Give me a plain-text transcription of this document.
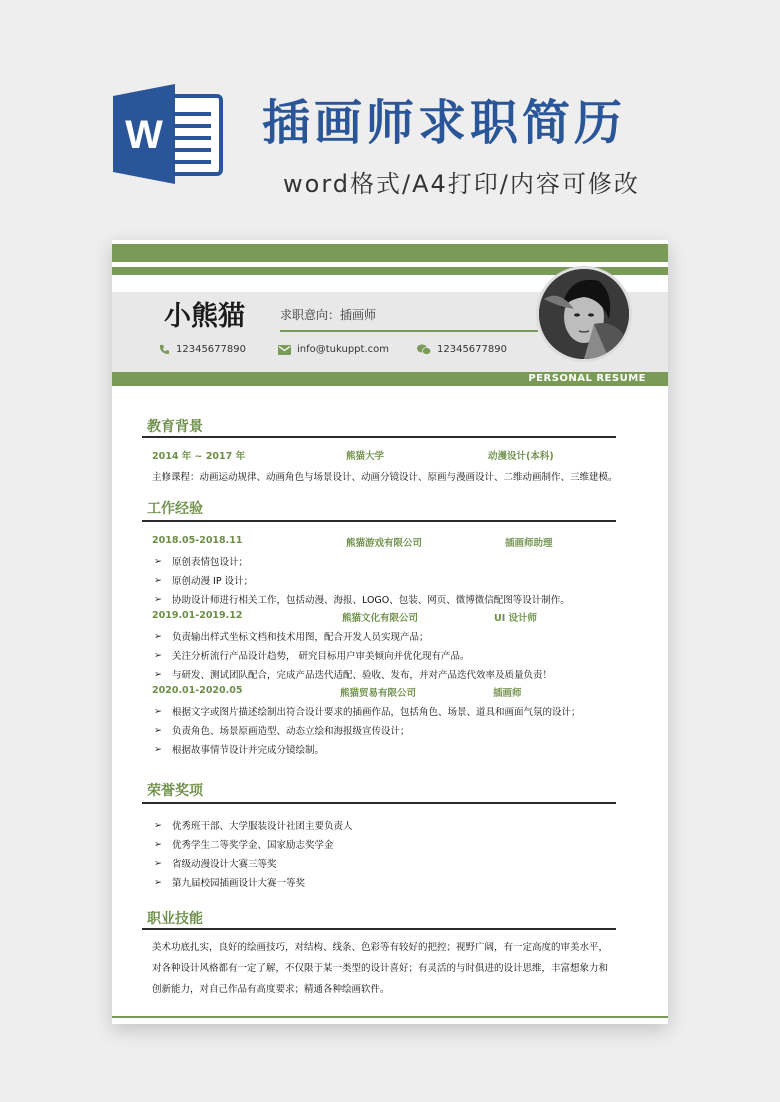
W 插画师求职简历
word格式/A4打印/内容可修改
小熊猫	求职意向：插画师
12345677890	info@tukuppt.com	12345677890
PERSONAL RESUME
教育背景
2014 年 ~ 2017 年	熊猫大学	动漫设计(本科)
主修课程：动画运动规律、动画角色与场景设计、动画分镜设计、原画与漫画设计、二维动画制作、三维建模。
工作经验
2018.05-2018.11	熊猫游戏有限公司	插画师助理
➢	原创表情包设计；
➢	原创动漫 IP 设计；
➢	协助设计师进行相关工作，包括动漫、海报、LOGO、包装、网页、微博微信配图等设计制作。
2019.01-2019.12	熊猫文化有限公司	UI 设计师
➢	负责输出样式坐标文档和技术用图，配合开发人员实现产品；
➢	关注分析流行产品设计趋势， 研究目标用户审美倾向并优化现有产品。
➢	与研发、测试团队配合，完成产品迭代适配、验收、发布，并对产品迭代效率及质量负责！
2020.01-2020.05	熊猫贸易有限公司	插画师
➢	根据文字或图片描述绘制出符合设计要求的插画作品，包括角色、场景、道具和画面气氛的设计；
➢	负责角色、场景原画造型、动态立绘和海报级宣传设计；
➢	根据故事情节设计并完成分镜绘制。
荣誉奖项
➢	优秀班干部、大学服装设计社团主要负责人
➢	优秀学生二等奖学金、国家励志奖学金
➢	省级动漫设计大赛三等奖
➢	第九届校园插画设计大赛一等奖
职业技能
美术功底扎实，良好的绘画技巧，对结构、线条、色彩等有较好的把控；视野广阔，有一定高度的审美水平，
对各种设计风格都有一定了解，不仅限于某一类型的设计喜好；有灵活的与时俱进的设计思维，丰富想象力和
创新能力，对自己作品有高度要求；精通各种绘画软件。
